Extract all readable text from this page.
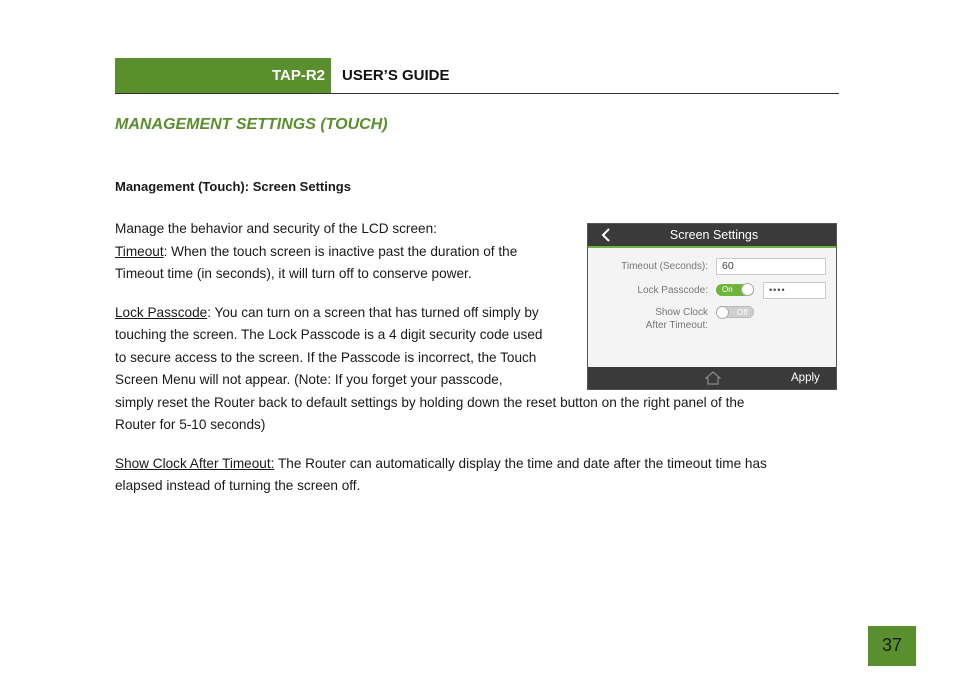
TAP-R2 USER’S GUIDE
MANAGEMENT SETTINGS (TOUCH)
Management (Touch): Screen Settings
Manage the behavior and security of the LCD screen:
Timeout: When the touch screen is inactive past the duration of the
Timeout time (in seconds), it will turn off to conserve power.
Lock Passcode: You can turn on a screen that has turned off simply by
touching the screen. The Lock Passcode is a 4 digit security code used
to secure access to the screen. If the Passcode is incorrect, the Touch
Screen Menu will not appear. (Note: If you forget your passcode,
simply reset the Router back to default settings by holding down the reset button on the right panel of the
Router for 5-10 seconds)
Show Clock After Timeout: The Router can automatically display the time and date after the timeout time has
elapsed instead of turning the screen off.
Screen Settings
Timeout (Seconds):	60
Lock Passcode: On	••••
Show Clock
After Timeout:
Off
Apply
37
